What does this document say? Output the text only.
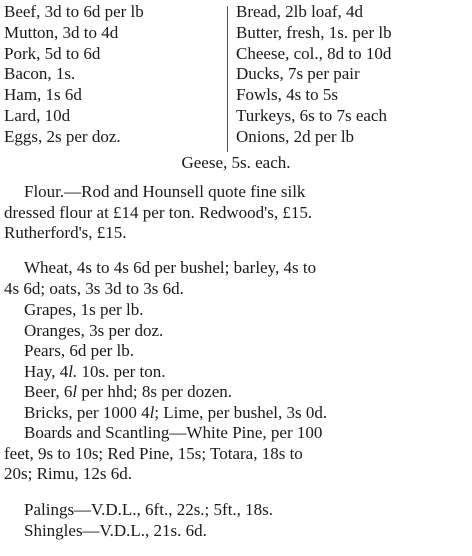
Beef, 3d to 6d per lb
Mutton, 3d to 4d
Pork, 5d to 6d
Bacon, 1s.
Ham, 1s 6d
Lard, 10d
Eggs, 2s per doz.
Bread, 2lb loaf, 4d
Butter, fresh, 1s. per lb
Cheese, col., 8d to 10d
Ducks, 7s per pair
Fowls, 4s to 5s
Turkeys, 6s to 7s each
Onions, 2d per lb
Geese, 5s. each.
Flour.—Rod and Hounsell quote fine silk
dressed flour at £14 per ton. Redwood's, £15.
Rutherford's, £15.
Wheat, 4s to 4s 6d per bushel; barley, 4s to
4s 6d; oats, 3s 3d to 3s 6d.
Grapes, 1s per lb.
Oranges, 3s per doz.
Pears, 6d per lb.
Hay, 4l. 10s. per ton.
Beer, 6l per hhd; 8s per dozen.
Bricks, per 1000 4l; Lime, per bushel, 3s 0d.
Boards and Scantling—White Pine, per 100
feet, 9s to 10s; Red Pine, 15s; Totara, 18s to
20s; Rimu, 12s 6d.
Palings—V.D.L., 6ft., 22s.; 5ft., 18s.
Shingles—V.D.L., 21s. 6d.
